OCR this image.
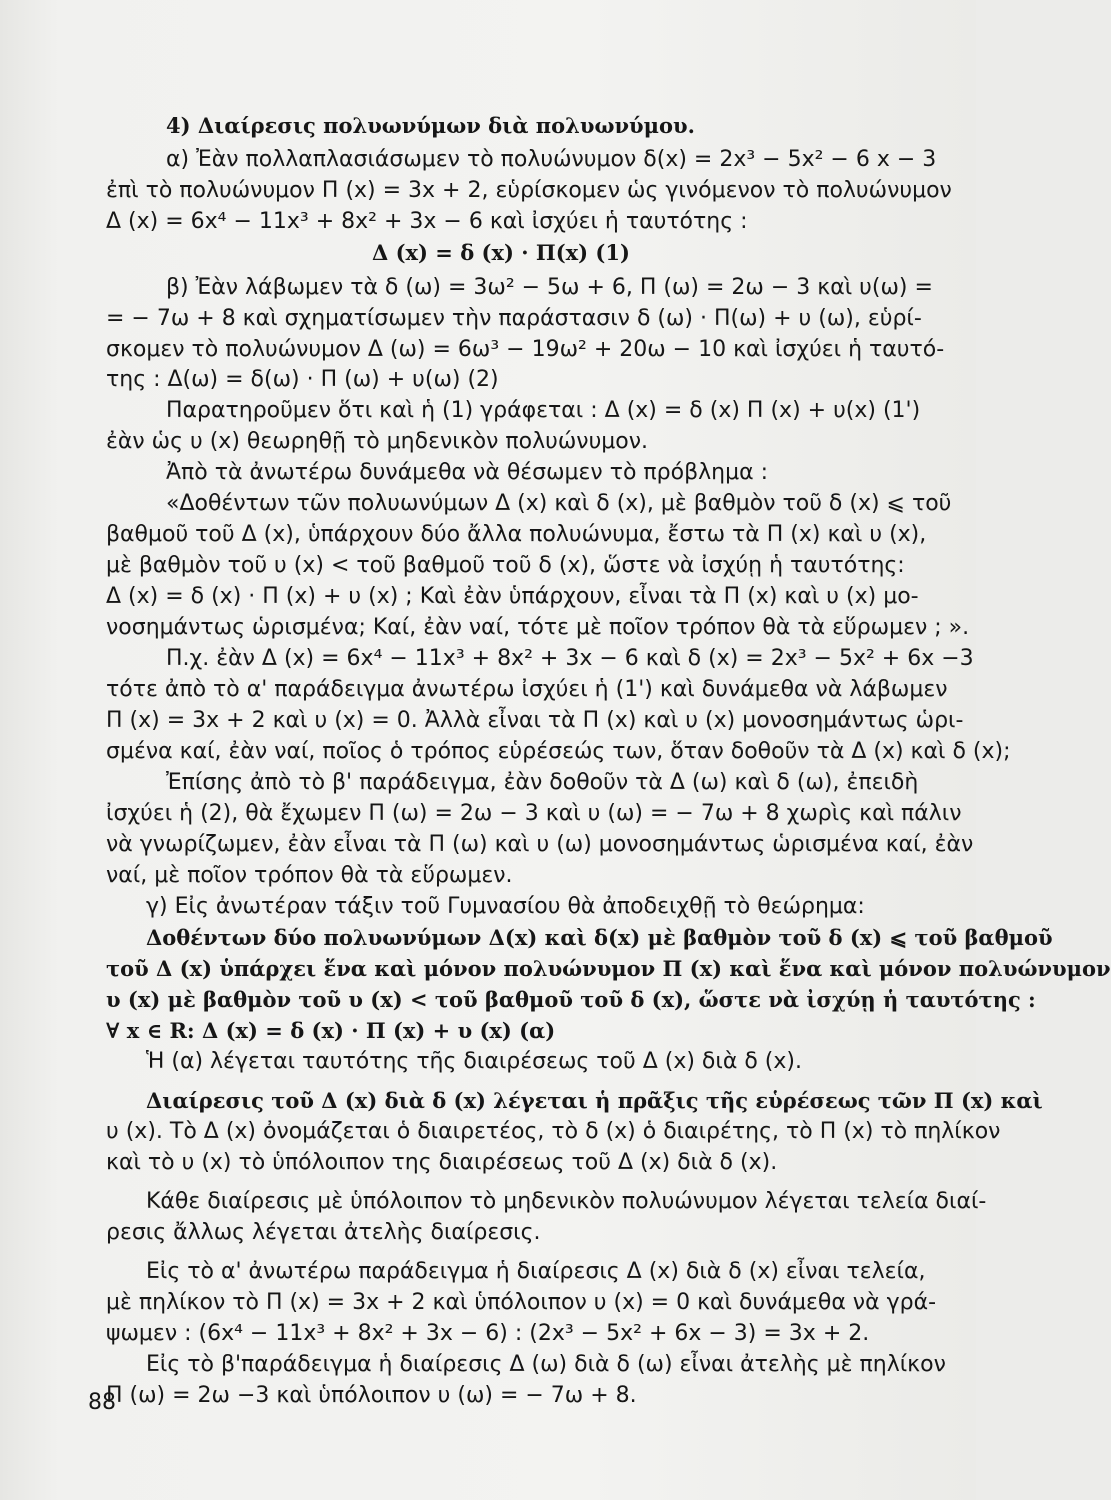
88
4) Διαίρεσις πολυωνύμων διὰ πολυωνύμου.
α) Ἐὰν πολλαπλασιάσωμεν τὸ πολυώνυμον δ(x) = 2x³ − 5x² − 6 x − 3
ἐπὶ τὸ πολυώνυμον Π (x) = 3x + 2, εὑρίσκομεν ὡς γινόμενον τὸ πολυώνυμον
Δ (x) = 6x⁴ − 11x³ + 8x² + 3x − 6 καὶ ἰσχύει ἡ ταυτότης :
Δ (x) = δ (x) · Π(x) (1)
β) Ἐὰν λάβωμεν τὰ δ (ω) = 3ω² − 5ω + 6, Π (ω) = 2ω − 3 καὶ υ(ω) =
= − 7ω + 8 καὶ σχηματίσωμεν τὴν παράστασιν δ (ω) · Π(ω) + υ (ω), εὑρί-
σκομεν τὸ πολυώνυμον Δ (ω) = 6ω³ − 19ω² + 20ω − 10 καὶ ἰσχύει ἡ ταυτό-
της : Δ(ω) = δ(ω) · Π (ω) + υ(ω) (2)
Παρατηροῦμεν ὅτι καὶ ἡ (1) γράφεται : Δ (x) = δ (x) Π (x) + υ(x) (1')
ἐὰν ὡς υ (x) θεωρηθῇ τὸ μηδενικὸν πολυώνυμον.
Ἀπὸ τὰ ἀνωτέρω δυνάμεθα νὰ θέσωμεν τὸ πρόβλημα :
«Δοθέντων τῶν πολυωνύμων Δ (x) καὶ δ (x), μὲ βαθμὸν τοῦ δ (x) ⩽ τοῦ
βαθμοῦ τοῦ Δ (x), ὑπάρχουν δύο ἄλλα πολυώνυμα, ἔστω τὰ Π (x) καὶ υ (x),
μὲ βαθμὸν τοῦ υ (x) < τοῦ βαθμοῦ τοῦ δ (x), ὥστε νὰ ἰσχύῃ ἡ ταυτότης:
Δ (x) = δ (x) · Π (x) + υ (x) ; Καὶ ἐὰν ὑπάρχουν, εἶναι τὰ Π (x) καὶ υ (x) μο-
νοσημάντως ὡρισμένα; Καί, ἐὰν ναί, τότε μὲ ποῖον τρόπον θὰ τὰ εὕρωμεν ; ».
Π.χ. ἐὰν Δ (x) = 6x⁴ − 11x³ + 8x² + 3x − 6 καὶ δ (x) = 2x³ − 5x² + 6x −3
τότε ἀπὸ τὸ α' παράδειγμα ἀνωτέρω ἰσχύει ἡ (1') καὶ δυνάμεθα νὰ λάβωμεν
Π (x) = 3x + 2 καὶ υ (x) = 0. Ἀλλὰ εἶναι τὰ Π (x) καὶ υ (x) μονοσημάντως ὡρι-
σμένα καί, ἐὰν ναί, ποῖος ὁ τρόπος εὑρέσεώς των, ὅταν δοθοῦν τὰ Δ (x) καὶ δ (x);
Ἐπίσης ἀπὸ τὸ β' παράδειγμα, ἐὰν δοθοῦν τὰ Δ (ω) καὶ δ (ω), ἐπειδὴ
ἰσχύει ἡ (2), θὰ ἔχωμεν Π (ω) = 2ω − 3 καὶ υ (ω) = − 7ω + 8 χωρὶς καὶ πάλιν
νὰ γνωρίζωμεν, ἐὰν εἶναι τὰ Π (ω) καὶ υ (ω) μονοσημάντως ὡρισμένα καί, ἐὰν
ναί, μὲ ποῖον τρόπον θὰ τὰ εὕρωμεν.
γ) Εἰς ἀνωτέραν τάξιν τοῦ Γυμνασίου θὰ ἀποδειχθῇ τὸ θεώρημα:
Δοθέντων δύο πολυωνύμων Δ(x) καὶ δ(x) μὲ βαθμὸν τοῦ δ (x) ⩽ τοῦ βαθμοῦ
τοῦ Δ (x) ὑπάρχει ἕνα καὶ μόνον πολυώνυμον Π (x) καὶ ἕνα καὶ μόνον πολυώνυμον
υ (x) μὲ βαθμὸν τοῦ υ (x) < τοῦ βαθμοῦ τοῦ δ (x), ὥστε νὰ ἰσχύῃ ἡ ταυτότης :
∀ x ∈ R: Δ (x) = δ (x) · Π (x) + υ (x) (α)
Ἡ (α) λέγεται ταυτότης τῆς διαιρέσεως τοῦ Δ (x) διὰ δ (x).
Διαίρεσις τοῦ Δ (x) διὰ δ (x) λέγεται ἡ πρᾶξις τῆς εὑρέσεως τῶν Π (x) καὶ
υ (x). Τὸ Δ (x) ὀνομάζεται ὁ διαιρετέος, τὸ δ (x) ὁ διαιρέτης, τὸ Π (x) τὸ πηλίκον
καὶ τὸ υ (x) τὸ ὑπόλοιπον της διαιρέσεως τοῦ Δ (x) διὰ δ (x).
Κάθε διαίρεσις μὲ ὑπόλοιπον τὸ μηδενικὸν πολυώνυμον λέγεται τελεία διαί-
ρεσις ἄλλως λέγεται ἀτελὴς διαίρεσις.
Εἰς τὸ α' ἀνωτέρω παράδειγμα ἡ διαίρεσις Δ (x) διὰ δ (x) εἶναι τελεία,
μὲ πηλίκον τὸ Π (x) = 3x + 2 καὶ ὑπόλοιπον υ (x) = 0 καὶ δυνάμεθα νὰ γρά-
ψωμεν : (6x⁴ − 11x³ + 8x² + 3x − 6) : (2x³ − 5x² + 6x − 3) = 3x + 2.
Εἰς τὸ β'παράδειγμα ἡ διαίρεσις Δ (ω) διὰ δ (ω) εἶναι ἀτελὴς μὲ πηλίκον
Π (ω) = 2ω −3 καὶ ὑπόλοιπον υ (ω) = − 7ω + 8.
